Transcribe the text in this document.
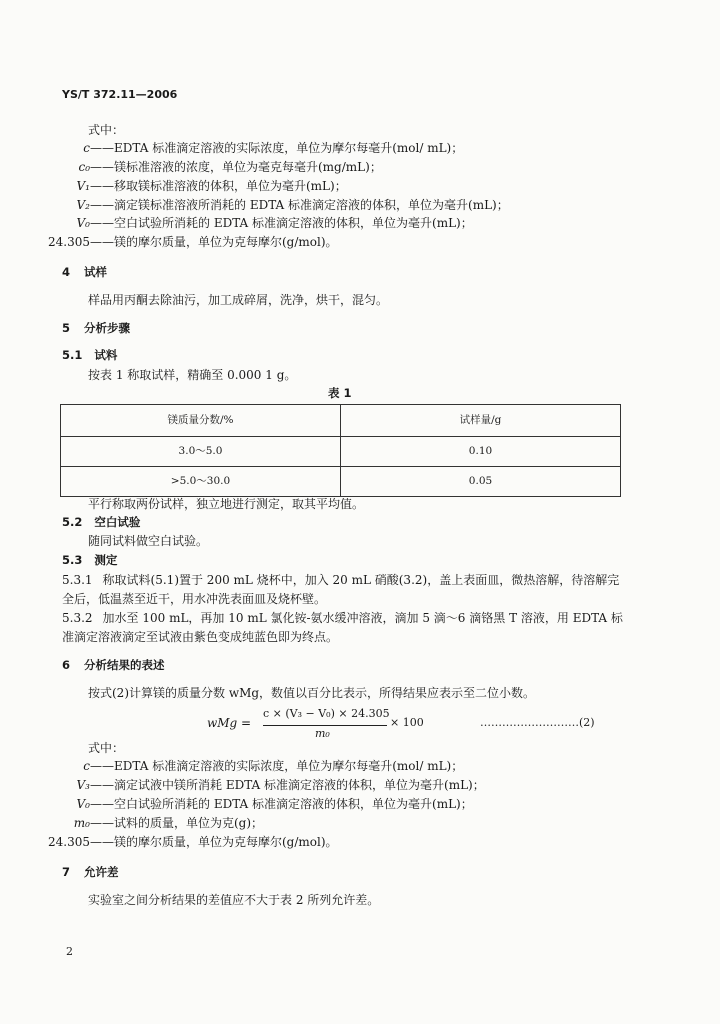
YS/T 372.11—2006
式中：
c ——EDTA 标准滴定溶液的实际浓度，单位为摩尔每毫升(mol/ mL)；
c₀ ——镁标准溶液的浓度，单位为毫克每毫升(mg/mL)；
V₁ ——移取镁标准溶液的体积，单位为毫升(mL)；
V₂ ——滴定镁标准溶液所消耗的 EDTA 标准滴定溶液的体积，单位为毫升(mL)；
V₀ ——空白试验所消耗的 EDTA 标准滴定溶液的体积，单位为毫升(mL)；
24.305 ——镁的摩尔质量，单位为克每摩尔(g/mol)。
4 试样
样品用丙酮去除油污，加工成碎屑，洗净，烘干，混匀。
5 分析步骤
5.1 试料
按表 1 称取试样，精确至 0.000 1 g。
表 1
镁质量分数/%	试样量/g
3.0～5.0	0.10
>5.0～30.0	0.05
平行称取两份试样，独立地进行测定，取其平均值。
5.2 空白试验
随同试料做空白试验。
5.3 测定
5.3.1 称取试料(5.1)置于 200 mL 烧杯中，加入 20 mL 硝酸(3.2)，盖上表面皿，微热溶解，待溶解完
全后，低温蒸至近干，用水冲洗表面皿及烧杯壁。
5.3.2 加水至 100 mL，再加 10 mL 氯化铵-氨水缓冲溶液，滴加 5 滴～6 滴铬黑 T 溶液，用 EDTA 标
准滴定溶液滴定至试液由紫色变成纯蓝色即为终点。
6 分析结果的表述
按式(2)计算镁的质量分数 wMg，数值以百分比表示，所得结果应表示至二位小数。
wMg =
c × (V₃ − V₀) × 24.305
m₀
× 100	………………………(2)
式中：
c ——EDTA 标准滴定溶液的实际浓度，单位为摩尔每毫升(mol/ mL)；
V₃ ——滴定试液中镁所消耗 EDTA 标准滴定溶液的体积，单位为毫升(mL)；
V₀ ——空白试验所消耗的 EDTA 标准滴定溶液的体积，单位为毫升(mL)；
m₀ ——试料的质量，单位为克(g)；
24.305 ——镁的摩尔质量，单位为克每摩尔(g/mol)。
7 允许差
实验室之间分析结果的差值应不大于表 2 所列允许差。
2
